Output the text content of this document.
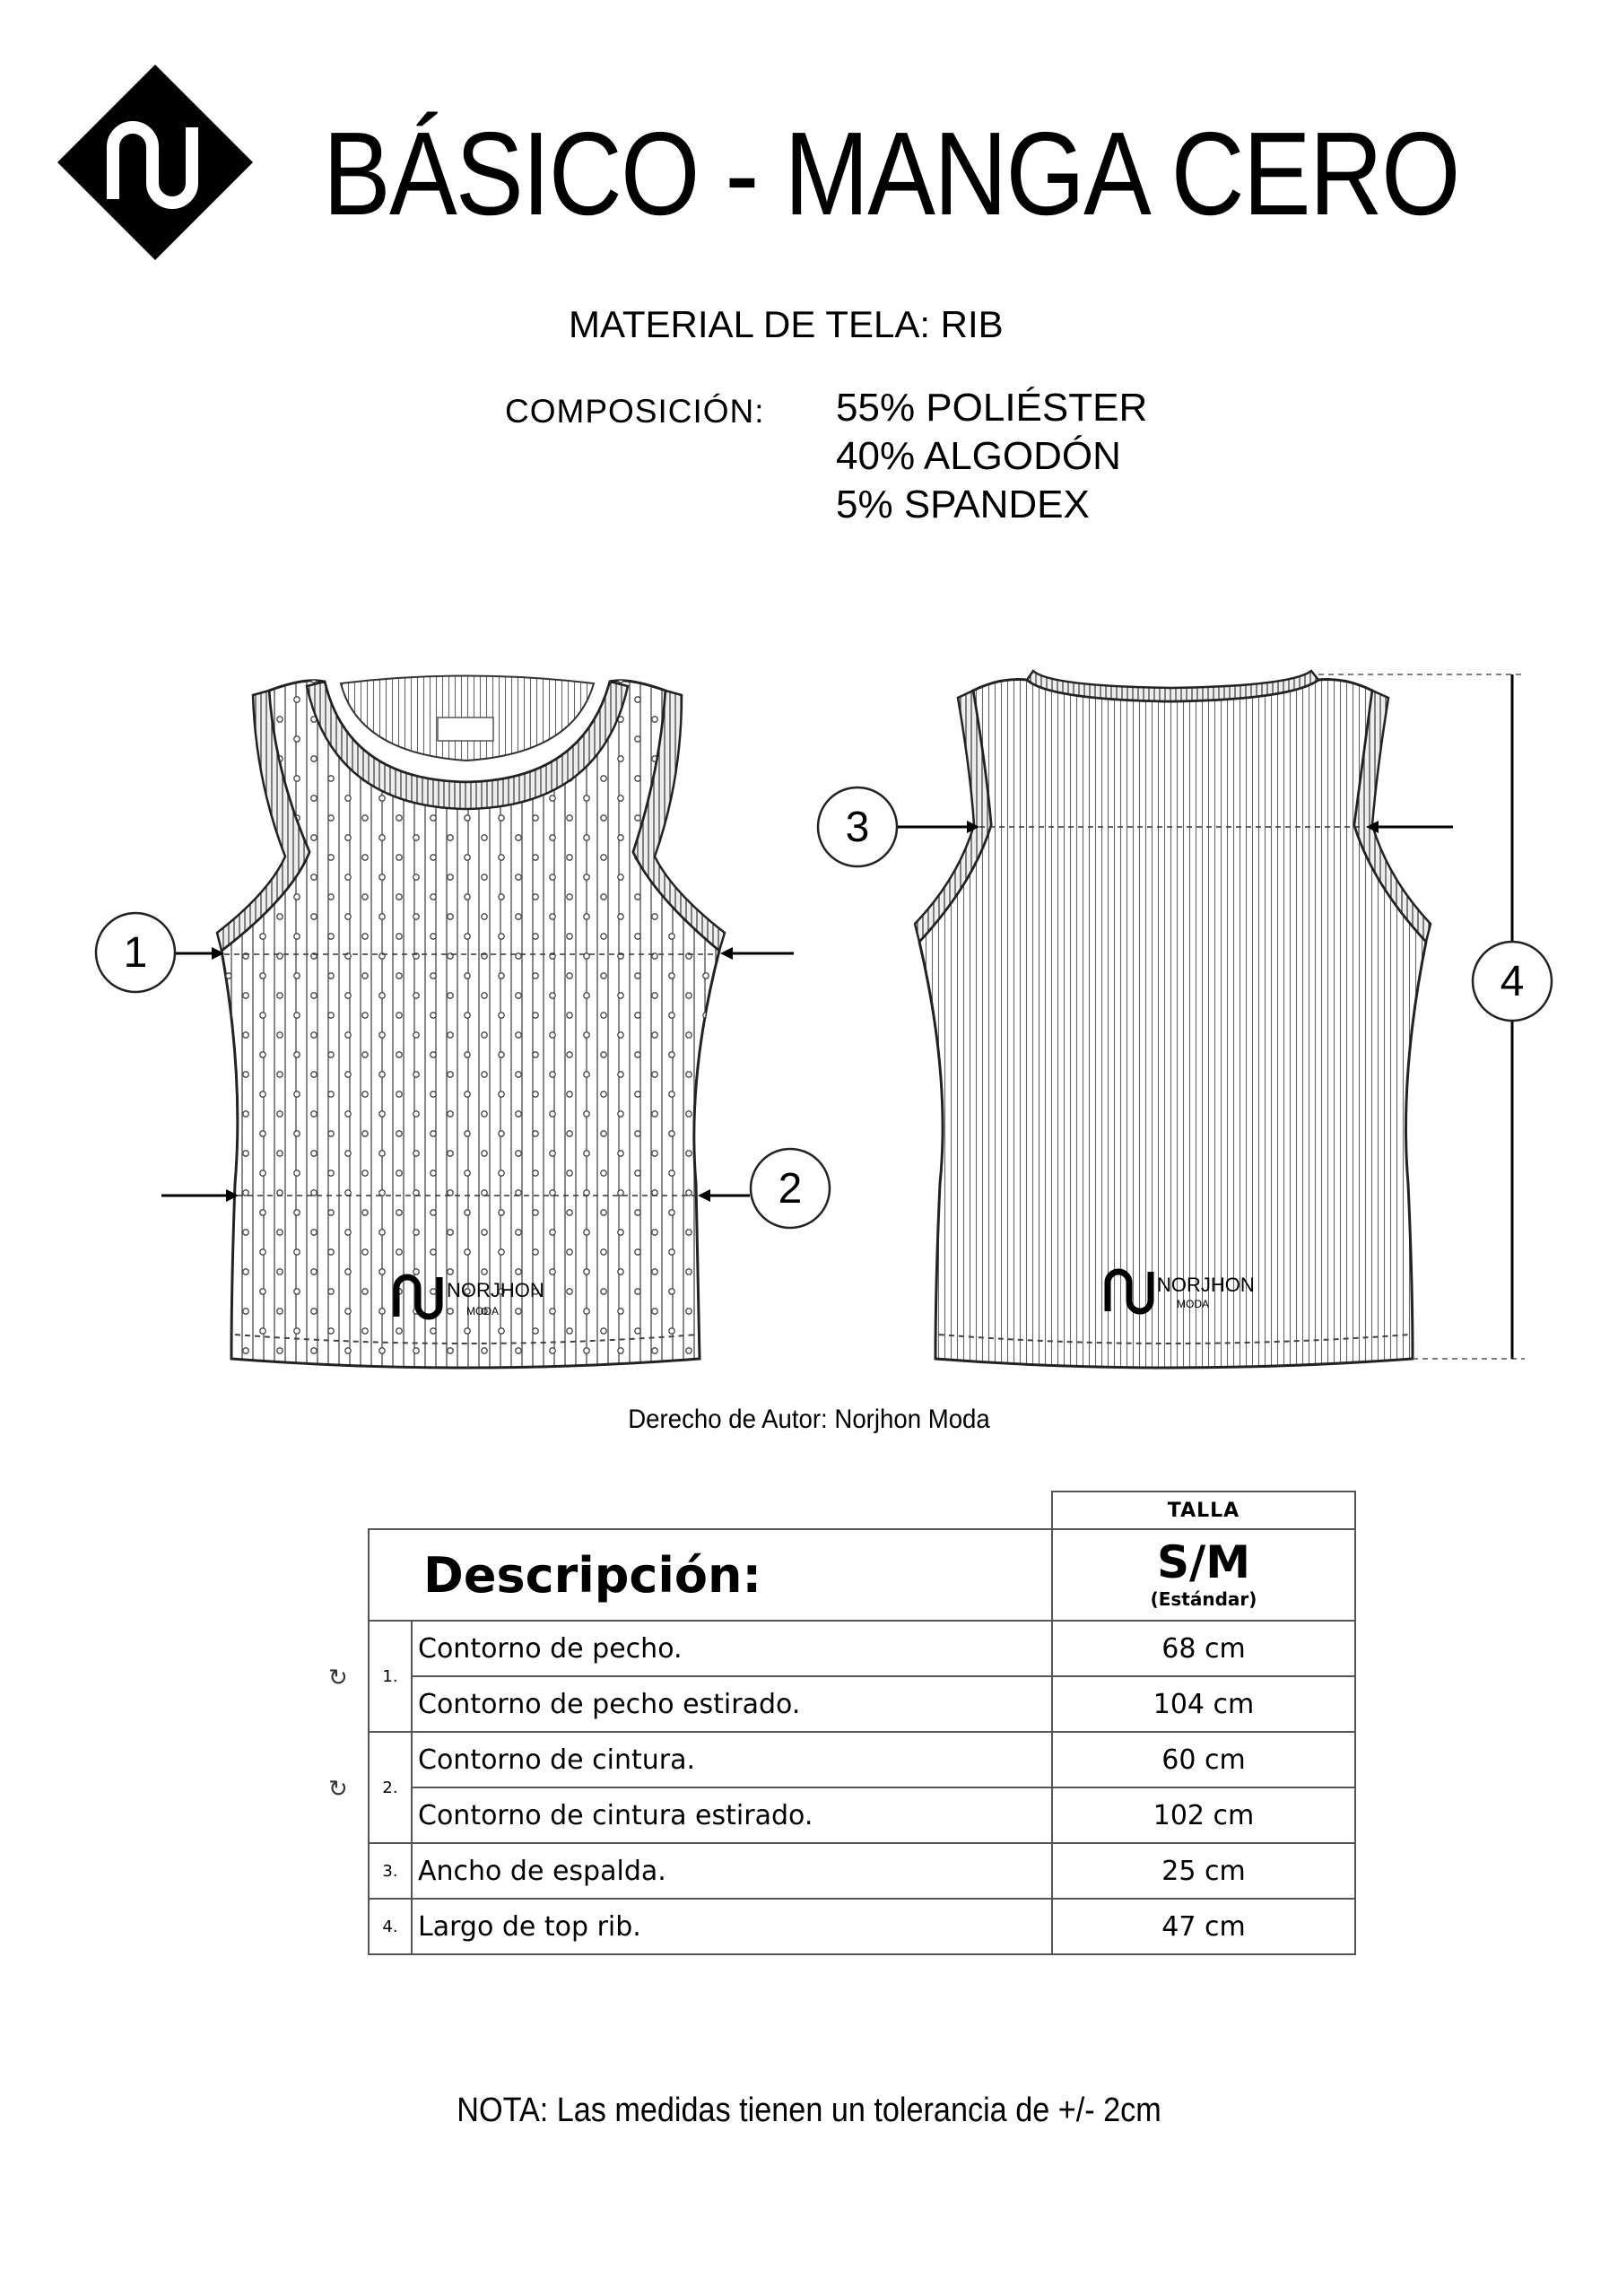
BÁSICO - MANGA CERO
MATERIAL DE TELA: RIB
COMPOSICIÓN: 55% POLIÉSTER
40% ALGODÓN
5% SPANDEX
NORJHON
MODA
1
2
NORJHON
MODA
3
4
Derecho de Autor: Norjhon Moda
		TALLA
Descripción:		S/M
(Estándar)

↻ 1.	Contorno de pecho.	68 cm
	Contorno de pecho estirado.	104 cm

↻ 2.	Contorno de cintura.	60 cm
	Contorno de cintura estirado.	102 cm
3.	Ancho de espalda.	25 cm
4.	Largo de top rib.	47 cm
NOTA: Las medidas tienen un tolerancia de +/- 2cm
